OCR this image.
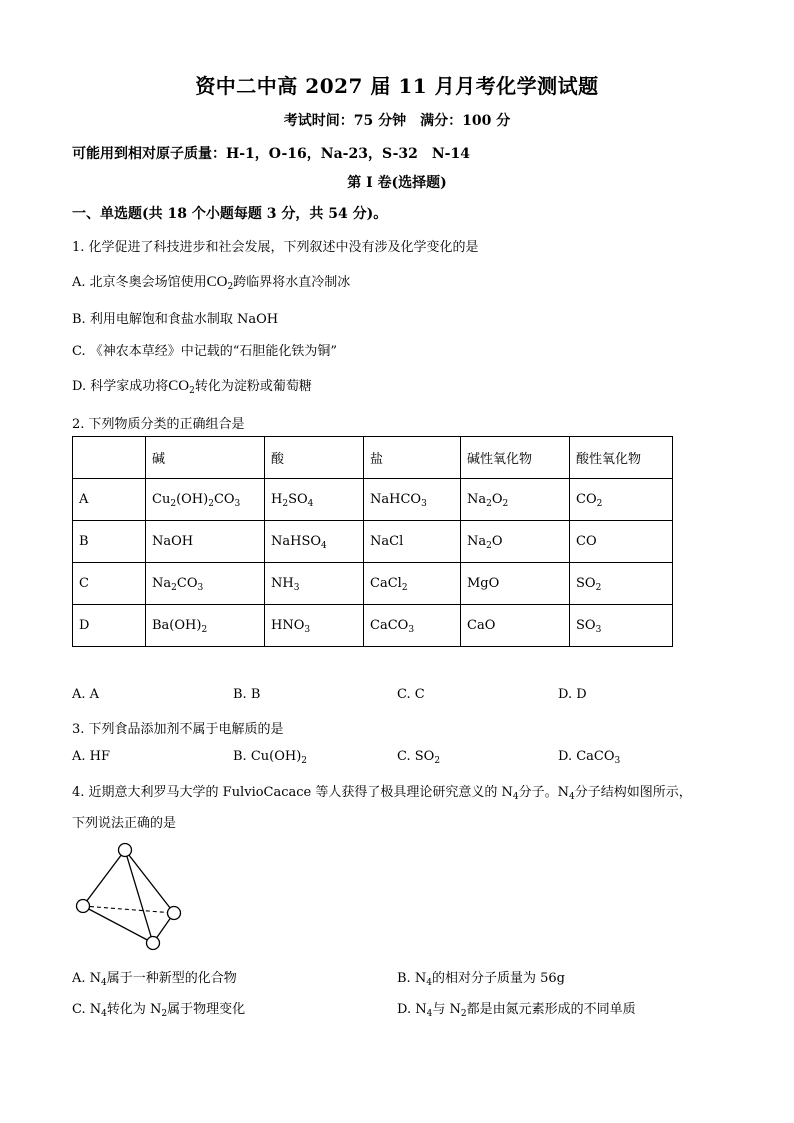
资中二中高 2027 届 11 月月考化学测试题
考试时间：75 分钟　满分：100 分
可能用到相对原子质量：H-1，O-16，Na-23，S-32　N-14
第 I 卷(选择题)
一、单选题(共 18 个小题每题 3 分，共 54 分)。
1. 化学促进了科技进步和社会发展，下列叙述中没有涉及化学变化的是
A. 北京冬奥会场馆使用$CO_2$跨临界将水直冷制冰
B. 利用电解饱和食盐水制取 NaOH
C. 《神农本草经》中记载的“石胆能化铁为铜”
D. 科学家成功将$CO_2$转化为淀粉或葡萄糖
2. 下列物质分类的正确组合是
	碱	酸	盐	碱性氧化物	酸性氧化物
A	$Cu_2(OH)_2CO_3$	$H_2SO_4$	NaHCO$_3$	$Na_2O_2$	$CO_2$
B	NaOH	NaHSO$_4$	NaCl	$Na_2O$	CO
C	$Na_2CO_3$	$NH_3$	CaCl$_2$	MgO	$SO_2$
D	$Ba(OH)_2$	$HNO_3$	CaCO$_3$	CaO	$SO_3$
A. A	B. B	C. C	D. D
3. 下列食品添加剂不属于电解质的是
A. HF	B. $Cu(OH)_2$	C. $SO_2$	D. CaCO$_3$
4. 近期意大利罗马大学的 FulvioCacace 等人获得了极具理论研究意义的 $N_4$分子。$N_4$分子结构如图所示，
下列说法正确的是
A. $N_4$属于一种新型的化合物	B. $N_4$的相对分子质量为 56g
C. $N_4$转化为 $N_2$属于物理变化	D. $N_4$与 $N_2$都是由氮元素形成的不同单质
